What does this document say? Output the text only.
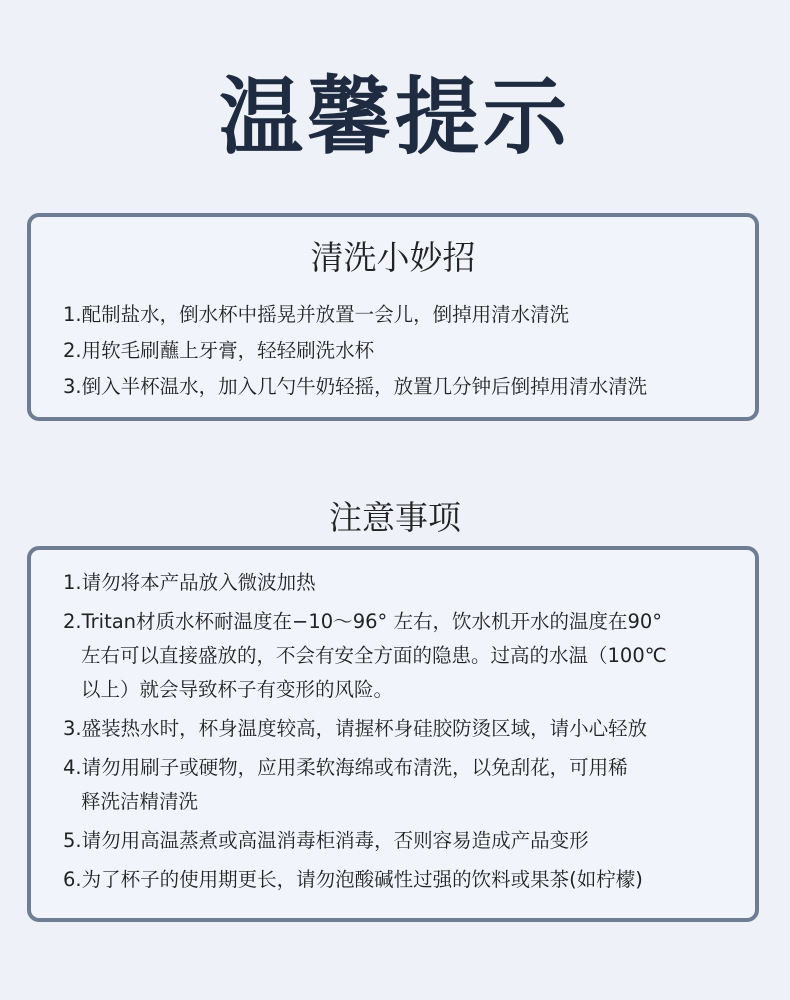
温馨提示
清洗小妙招
1.配制盐水，倒水杯中摇晃并放置一会儿，倒掉用清水清洗
2.用软毛刷蘸上牙膏，轻轻刷洗水杯
3.倒入半杯温水，加入几勺牛奶轻摇，放置几分钟后倒掉用清水清洗
注意事项
1.请勿将本产品放入微波加热
2.Tritan材质水杯耐温度在−10～96° 左右，饮水机开水的温度在90°
左右可以直接盛放的，不会有安全方面的隐患。过高的水温（100℃
以上）就会导致杯子有变形的风险。
3.盛装热水时，杯身温度较高，请握杯身硅胶防烫区域，请小心轻放
4.请勿用刷子或硬物，应用柔软海绵或布清洗，以免刮花，可用稀
释洗洁精清洗
5.请勿用高温蒸煮或高温消毒柜消毒，否则容易造成产品变形
6.为了杯子的使用期更长，请勿泡酸碱性过强的饮料或果茶(如柠檬)
